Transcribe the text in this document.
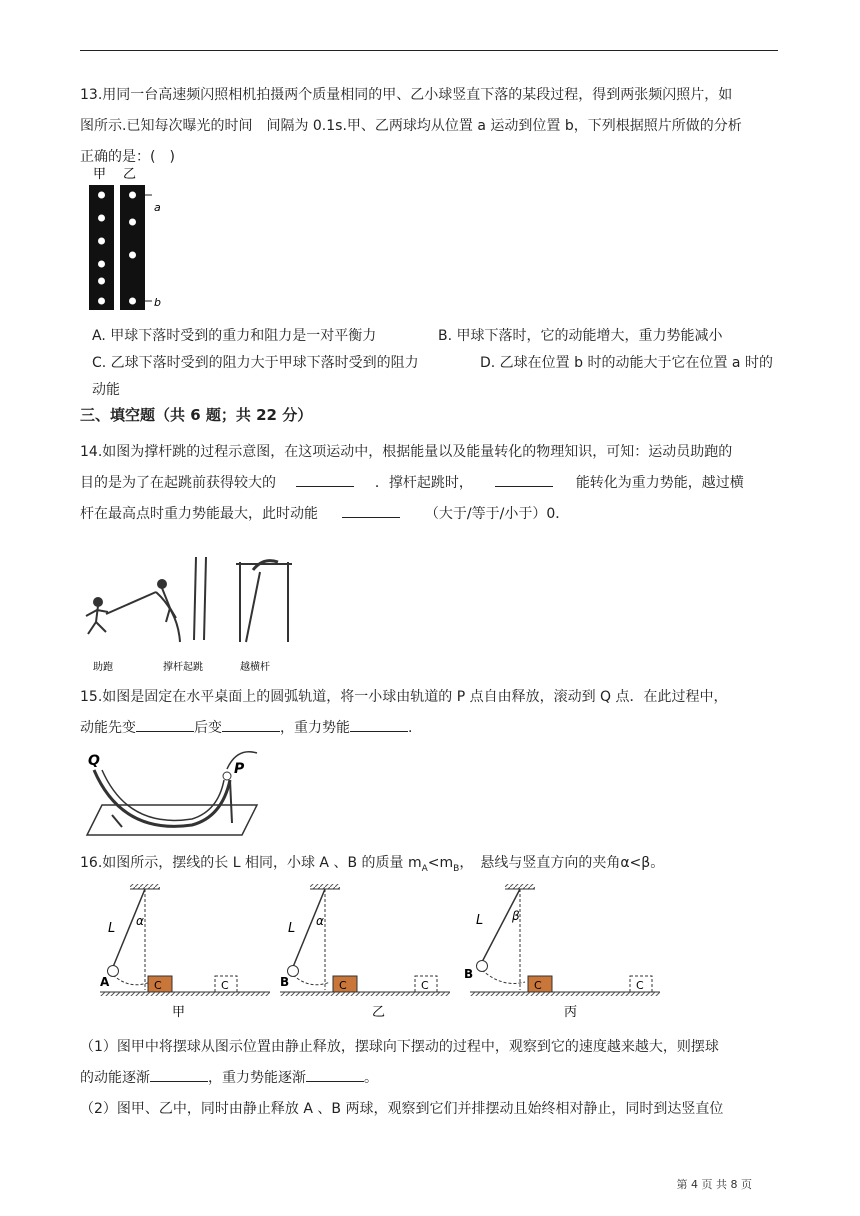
13.用同一台高速频闪照相机拍摄两个质量相同的甲、乙小球竖直下落的某段过程，得到两张频闪照片，如
图所示.已知每次曝光的时间　间隔为 0.1s.甲、乙两球均从位置 a 运动到位置 b，下列根据照片所做的分析
正确的是：(　)
甲 乙
a
b
A. 甲球下落时受到的重力和阻力是一对平衡力	B. 甲球下落时，它的动能增大，重力势能减小
C. 乙球下落时受到的阻力大于甲球下落时受到的阻力	D. 乙球在位置 b 时的动能大于它在位置 a 时的
动能
三、填空题（共 6 题；共 22 分）
14.如图为撑杆跳的过程示意图，在这项运动中，根据能量以及能量转化的物理知识，可知：运动员助跑的
目的是为了在起跳前获得较大的	．撑杆起跳时，	能转化为重力势能，越过横
杆在最高点时重力势能最大，此时动能	（大于/等于/小于）0．
助跑	撑杆起跳	越横杆
15.如图是固定在水平桌面上的圆弧轨道，将一小球由轨道的 P 点自由释放，滚动到 Q 点．在此过程中，
动能先变	后变	，重力势能	.
Q	P
16.如图所示，摆线的长 L 相同，小球 A 、B 的质量 $m_A<m_B$，　悬线与竖直方向的夹角α<β。
L α
A	C	C
甲
L α
B	C	C
乙
L β
B
C	C
丙
（1）图甲中将摆球从图示位置由静止释放，摆球向下摆动的过程中，观察到它的速度越来越大，则摆球
的动能逐渐	，重力势能逐渐	。
（2）图甲、乙中，同时由静止释放 A 、B 两球，观察到它们并排摆动且始终相对静止，同时到达竖直位
第 4 页 共 8 页
